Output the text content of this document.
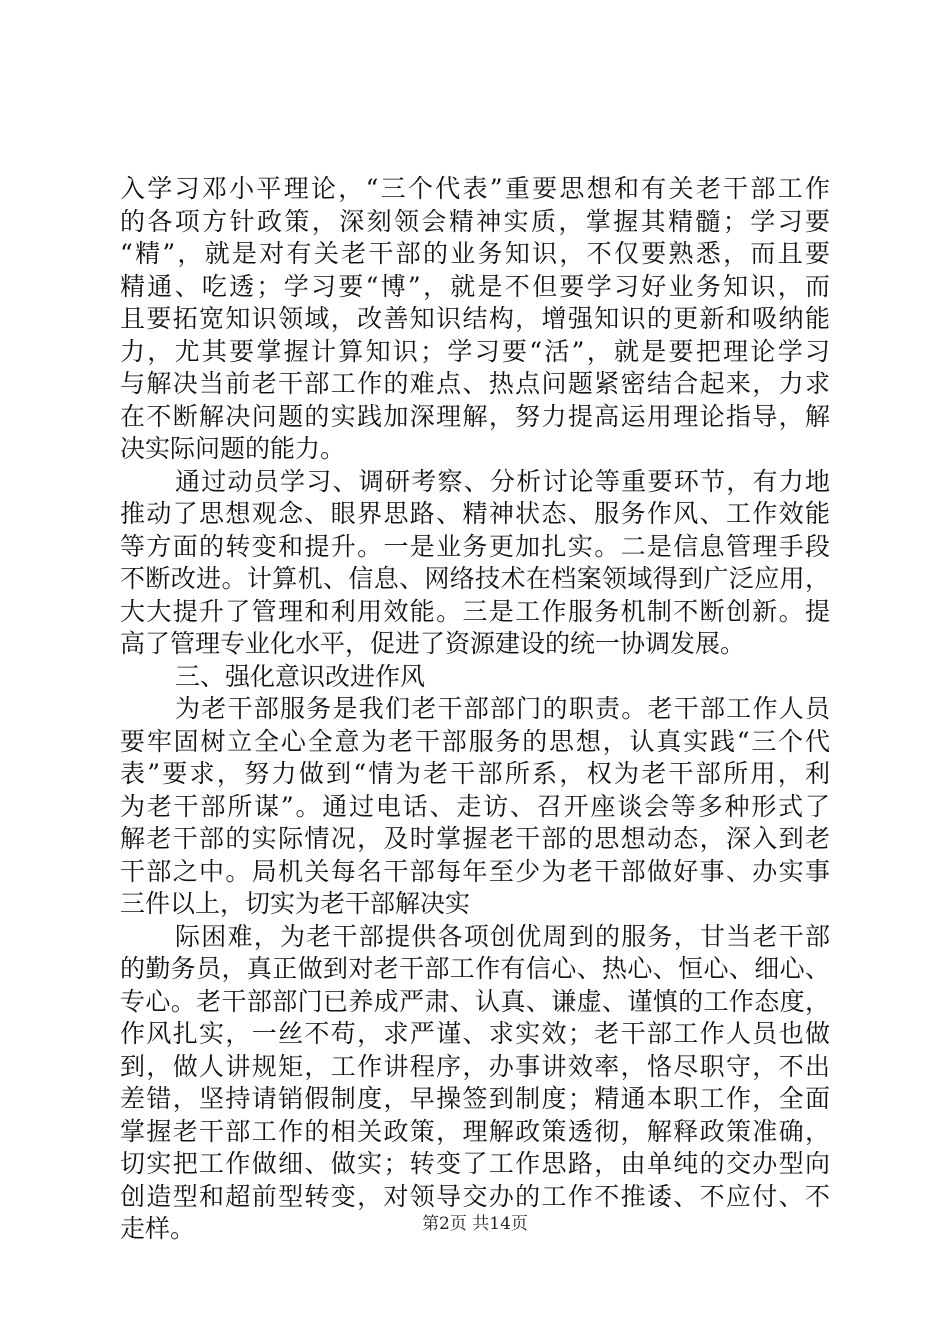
入学习邓小平理论，“三个代表”重要思想和有关老干部工作
的各项方针政策，深刻领会精神实质，掌握其精髓；学习要
“精”，就是对有关老干部的业务知识，不仅要熟悉，而且要
精通、吃透；学习要“博”，就是不但要学习好业务知识，而
且要拓宽知识领域，改善知识结构，增强知识的更新和吸纳能
力，尤其要掌握计算知识；学习要“活”，就是要把理论学习
与解决当前老干部工作的难点、热点问题紧密结合起来，力求
在不断解决问题的实践加深理解，努力提高运用理论指导，解
决实际问题的能力。
通过动员学习、调研考察、分析讨论等重要环节，有力地
推动了思想观念、眼界思路、精神状态、服务作风、工作效能
等方面的转变和提升。一是业务更加扎实。二是信息管理手段
不断改进。计算机、信息、网络技术在档案领域得到广泛应用，
大大提升了管理和利用效能。三是工作服务机制不断创新。提
高了管理专业化水平，促进了资源建设的统一协调发展。
三、强化意识改进作风
为老干部服务是我们老干部部门的职责。老干部工作人员
要牢固树立全心全意为老干部服务的思想，认真实践“三个代
表”要求，努力做到“情为老干部所系，权为老干部所用，利
为老干部所谋”。通过电话、走访、召开座谈会等多种形式了
解老干部的实际情况，及时掌握老干部的思想动态，深入到老
干部之中。局机关每名干部每年至少为老干部做好事、办实事
三件以上，切实为老干部解决实
际困难，为老干部提供各项创优周到的服务，甘当老干部
的勤务员，真正做到对老干部工作有信心、热心、恒心、细心、
专心。老干部部门已养成严肃、认真、谦虚、谨慎的工作态度，
作风扎实，一丝不苟，求严谨、求实效；老干部工作人员也做
到，做人讲规矩，工作讲程序，办事讲效率，恪尽职守，不出
差错，坚持请销假制度，早操签到制度；精通本职工作，全面
掌握老干部工作的相关政策，理解政策透彻，解释政策准确，
切实把工作做细、做实；转变了工作思路，由单纯的交办型向
创造型和超前型转变，对领导交办的工作不推诿、不应付、不
走样。	第2页 共14页
